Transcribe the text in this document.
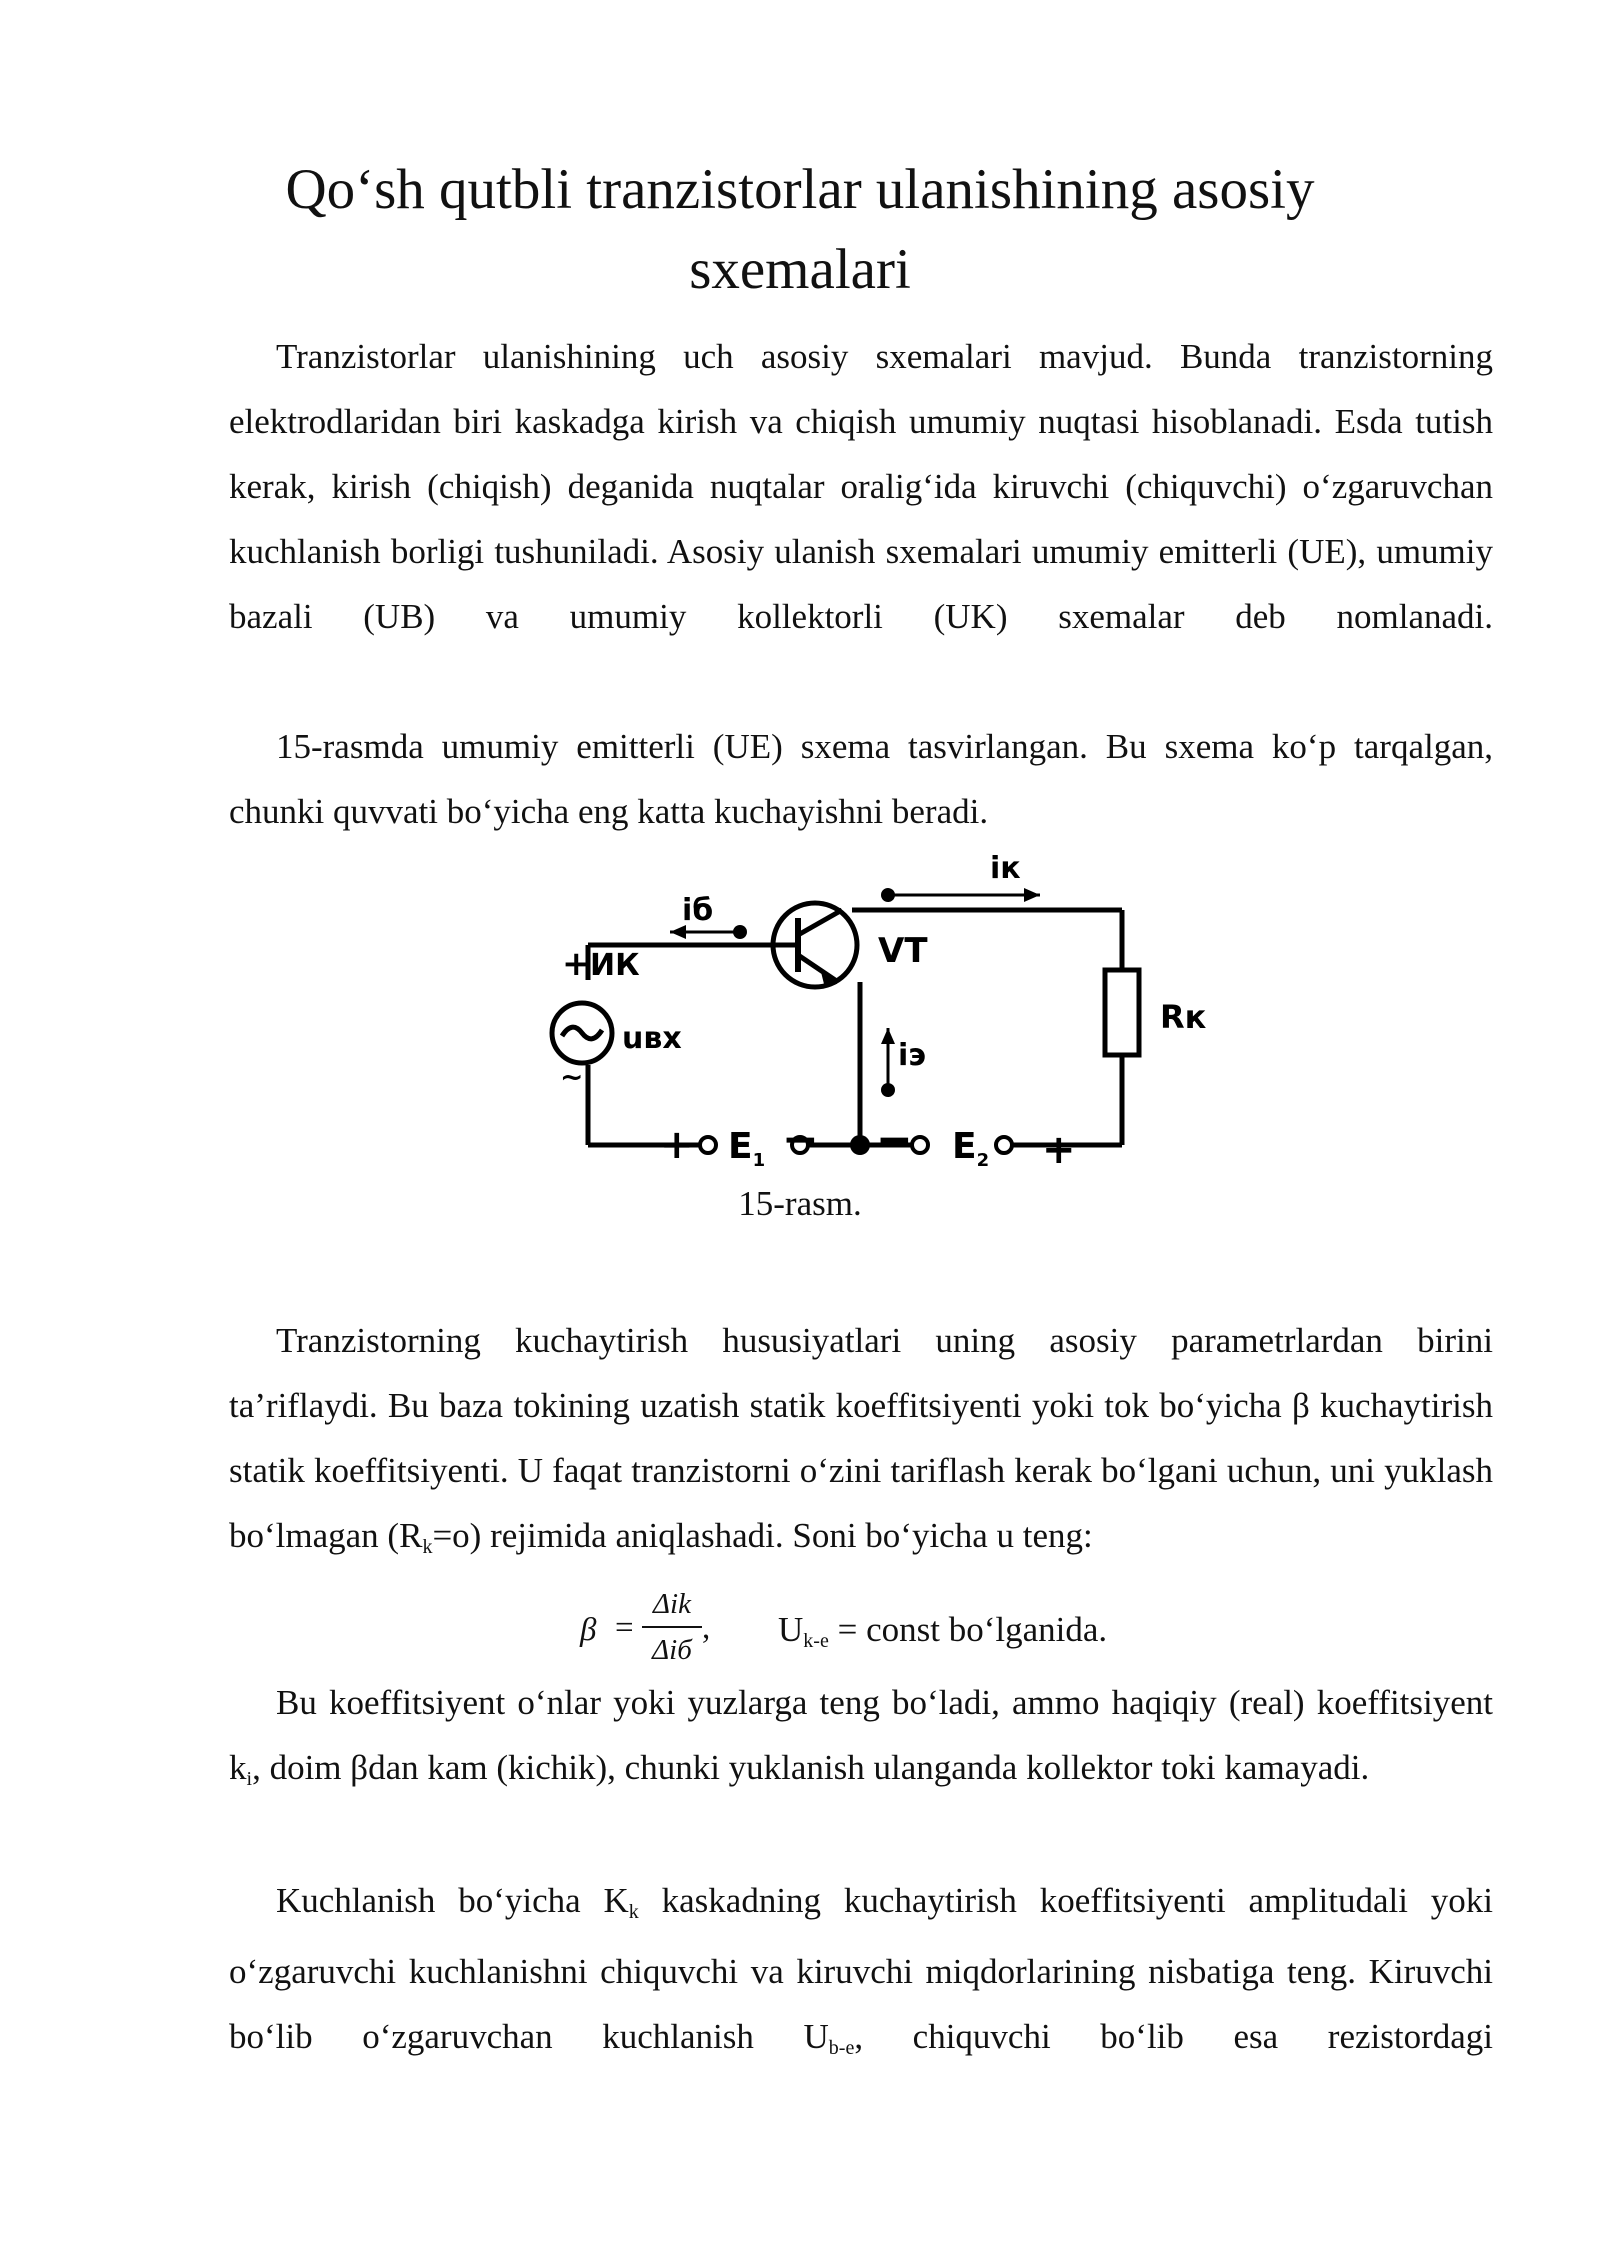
Qo‘sh qutbli tranzistorlar ulanishining asosiy sxemalari

Tranzistorlar ulanishining uch asosiy sxemalari mavjud. Bunda tranzistorning elektrodlaridan biri kaskadga kirish va chiqish umumiy nuqtasi hisoblanadi. Esda tutish kerak, kirish (chiqish) deganida nuqtalar oralig‘ida kiruvchi (chiquvchi) o‘zgaruvchan kuchlanish borligi tushuniladi. Asosiy ulanish sxemalari umumiy emitterli (UE), umumiy bazali (UB) va umumiy kollektorli (UK) sxemalar deb nomlanadi.

15-rasmda umumiy emitterli (UE) sxema tasvirlangan. Bu sxema ko‘p tarqalgan, chunki quvvati bo‘yicha eng katta kuchayishni beradi.

iб
iк
VT
+ ИК
uвх
~
iэ
Rк
+ $E_1$ − − $E_2$ +
15-rasm.

Tranzistorning kuchaytirish hususiyatlari uning asosiy parametrlardan birini ta’riflaydi. Bu baza tokining uzatish statik koeffitsiyenti yoki tok bo‘yicha β kuchaytirish statik koeffitsiyenti. U faqat tranzistorni o‘zini tariflash kerak bo‘lgani uchun, uni yuklash bo‘lmagan $(R_k=o)$ rejimida aniqlashadi. Soni bo‘yicha u teng:

β =
Δik
Δiб
, $U_{k-e}$ = const bo‘lganida.

Bu koeffitsiyent o‘nlar yoki yuzlarga teng bo‘ladi, ammo haqiqiy (real) koeffitsiyent $k_i$, doim βdan kam (kichik), chunki yuklanish ulanganda kollektor toki kamayadi.

Kuchlanish bo‘yicha $K_k$ kaskadning kuchaytirish koeffitsiyenti amplitudali yoki o‘zgaruvchi kuchlanishni chiquvchi va kiruvchi miqdorlarining nisbatiga teng. Kiruvchi bo‘lib o‘zgaruvchan kuchlanish $U_{b-e}$, chiquvchi bo‘lib esa rezistordagi
